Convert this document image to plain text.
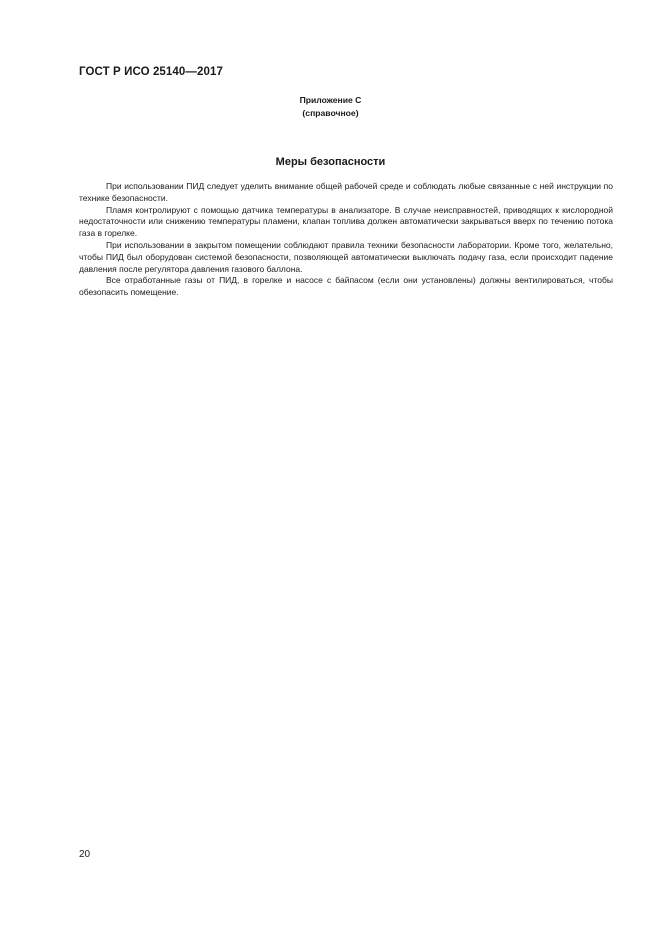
ГОСТ Р ИСО 25140—2017
Приложение С
(справочное)
Меры безопасности

При использовании ПИД следует уделить внимание общей рабочей среде и соблюдать любые связанные с ней инструкции по технике безопасности.

Пламя контролируют с помощью датчика температуры в анализаторе. В случае неисправностей, приводящих к кислородной недостаточности или снижению температуры пламени, клапан топлива должен автоматически закрываться вверх по течению потока газа в горелке.

При использовании в закрытом помещении соблюдают правила техники безопасности лаборатории. Кроме того, желательно, чтобы ПИД был оборудован системой безопасности, позволяющей автоматически выключать подачу газа, если происходит падение давления после регулятора давления газового баллона.

Все отработанные газы от ПИД, в горелке и насосе с байпасом (если они установлены) должны вентилироваться, чтобы обезопасить помещение.

20
